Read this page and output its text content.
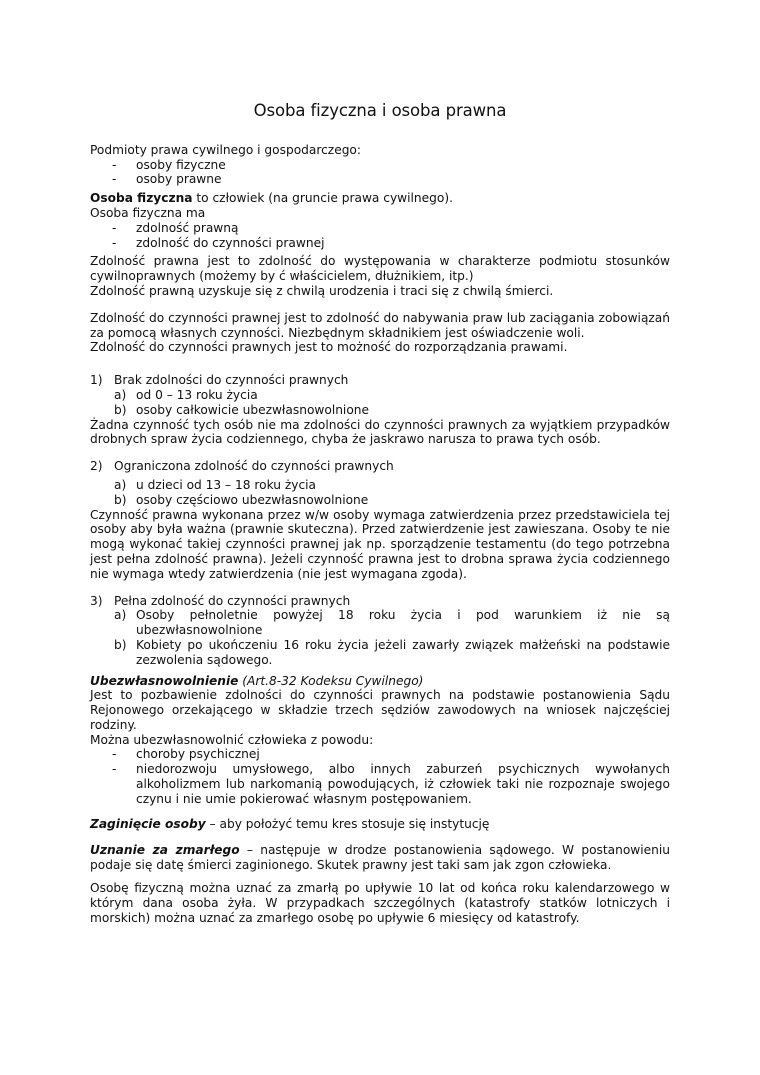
Osoba fizyczna i osoba prawna

Podmioty prawa cywilnego i gospodarczego:

- osoby fizyczne
- osoby prawne

Osoba fizyczna to człowiek (na gruncie prawa cywilnego).

Osoba fizyczna ma

- zdolność prawną
- zdolność do czynności prawnej

Zdolność prawna jest to zdolność do występowania w charakterze podmiotu stosunków cywilnoprawnych (możemy by ć właścicielem, dłużnikiem, itp.)

Zdolność prawną uzyskuje się z chwilą urodzenia i traci się z chwilą śmierci.

Zdolność do czynności prawnej jest to zdolność do nabywania praw lub zaciągania zobowiązań za pomocą własnych czynności. Niezbędnym składnikiem jest oświadczenie woli.

Zdolność do czynności prawnych jest to możność do rozporządzania prawami.

1) Brak zdolności do czynności prawnych
a) od 0 – 13 roku życia
b) osoby całkowicie ubezwłasnowolnione

Żadna czynność tych osób nie ma zdolności do czynności prawnych za wyjątkiem przypadków drobnych spraw życia codziennego, chyba że jaskrawo narusza to prawa tych osób.

2) Ograniczona zdolność do czynności prawnych
a) u dzieci od 13 – 18 roku życia
b) osoby częściowo ubezwłasnowolnione

Czynność prawna wykonana przez w/w osoby wymaga zatwierdzenia przez przedstawiciela tej osoby aby była ważna (prawnie skuteczna). Przed zatwierdzenie jest zawieszana. Osoby te nie mogą wykonać takiej czynności prawnej jak np. sporządzenie testamentu (do tego potrzebna jest pełna zdolność prawna). Jeżeli czynność prawna jest to drobna sprawa życia codziennego nie wymaga wtedy zatwierdzenia (nie jest wymagana zgoda).

3) Pełna zdolność do czynności prawnych
a) Osoby pełnoletnie powyżej 18 roku życia i pod warunkiem iż nie są ubezwłasnowolnione
b) Kobiety po ukończeniu 16 roku życia jeżeli zawarły związek małżeński na podstawie zezwolenia sądowego.

Ubezwłasnowolnienie (Art.8-32 Kodeksu Cywilnego)

Jest to pozbawienie zdolności do czynności prawnych na podstawie postanowienia Sądu Rejonowego orzekającego w składzie trzech sędziów zawodowych na wniosek najczęściej rodziny.

Można ubezwłasnowolnić człowieka z powodu:

- choroby psychicznej
- niedorozwoju umysłowego, albo innych zaburzeń psychicznych wywołanych alkoholizmem lub narkomanią powodujących, iż człowiek taki nie rozpoznaje swojego czynu i nie umie pokierować własnym postępowaniem.

Zaginięcie osoby – aby położyć temu kres stosuje się instytucję

Uznanie za zmarłego – następuje w drodze postanowienia sądowego. W postanowieniu podaje się datę śmierci zaginionego. Skutek prawny jest taki sam jak zgon człowieka.

Osobę fizyczną można uznać za zmarłą po upływie 10 lat od końca roku kalendarzowego w którym dana osoba żyła. W przypadkach szczególnych (katastrofy statków lotniczych i morskich) można uznać za zmarłego osobę po upływie 6 miesięcy od katastrofy.
